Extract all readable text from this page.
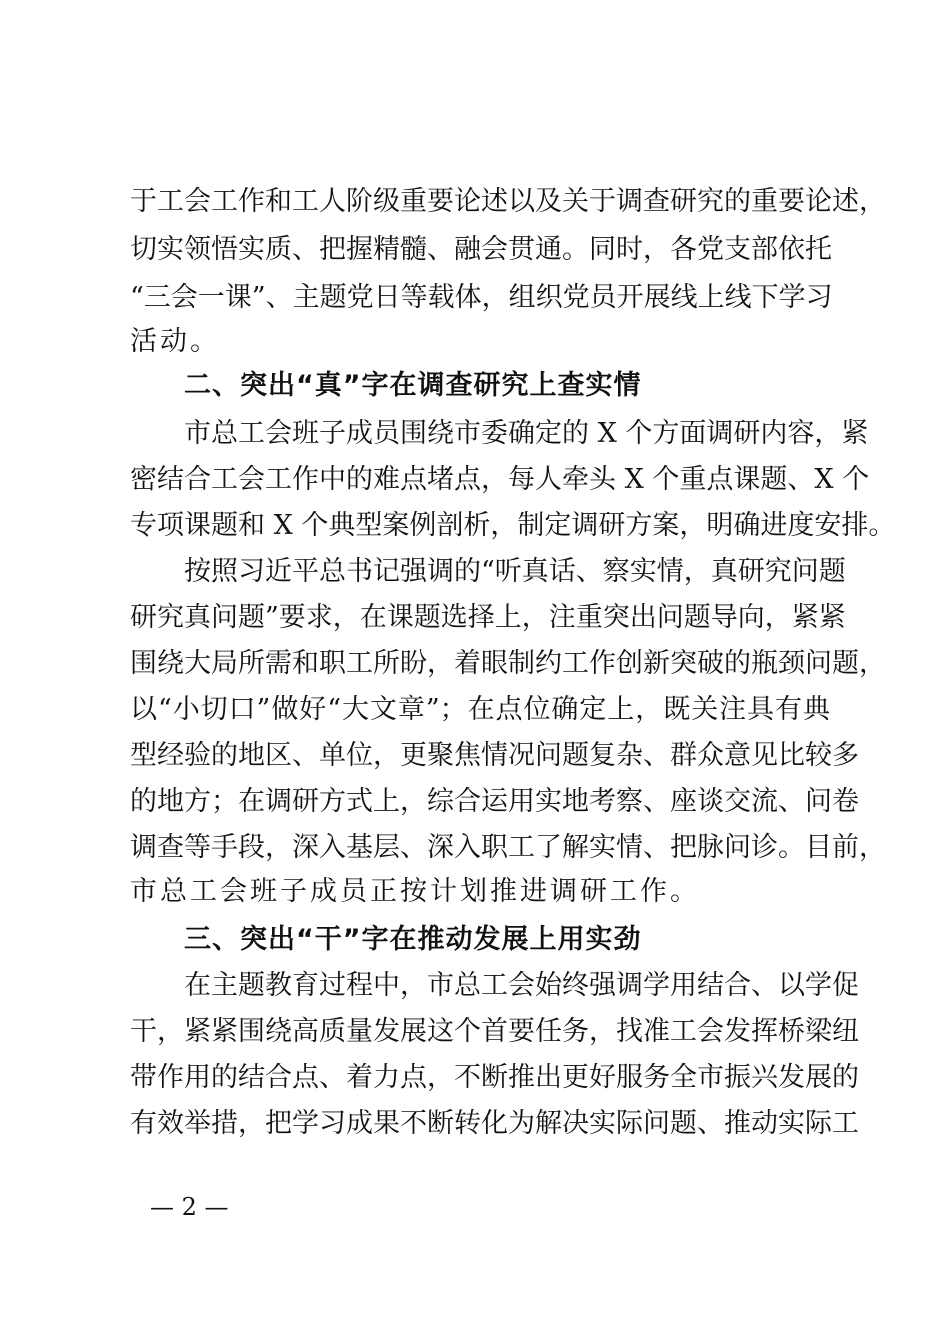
于工会工作和工人阶级重要论述以及关于调查研究的重要论述，
切实领悟实质、把握精髓、融会贯通。同时，各党支部依托
“三会一课”、主题党日等载体，组织党员开展线上线下学习
活动。
二、突出“真”字在调查研究上查实情
市总工会班子成员围绕市委确定的 X 个方面调研内容，紧
密结合工会工作中的难点堵点，每人牵头 X 个重点课题、X 个
专项课题和 X 个典型案例剖析，制定调研方案，明确进度安排。
按照习近平总书记强调的“听真话、察实情，真研究问题
研究真问题”要求，在课题选择上，注重突出问题导向，紧紧
围绕大局所需和职工所盼，着眼制约工作创新突破的瓶颈问题，
以“小切口”做好“大文章”；在点位确定上，既关注具有典
型经验的地区、单位，更聚焦情况问题复杂、群众意见比较多
的地方；在调研方式上，综合运用实地考察、座谈交流、问卷
调查等手段，深入基层、深入职工了解实情、把脉问诊。目前，
市总工会班子成员正按计划推进调研工作。
三、突出“干”字在推动发展上用实劲
在主题教育过程中，市总工会始终强调学用结合、以学促
干，紧紧围绕高质量发展这个首要任务，找准工会发挥桥梁纽
带作用的结合点、着力点，不断推出更好服务全市振兴发展的
有效举措，把学习成果不断转化为解决实际问题、推动实际工
— 2 —
